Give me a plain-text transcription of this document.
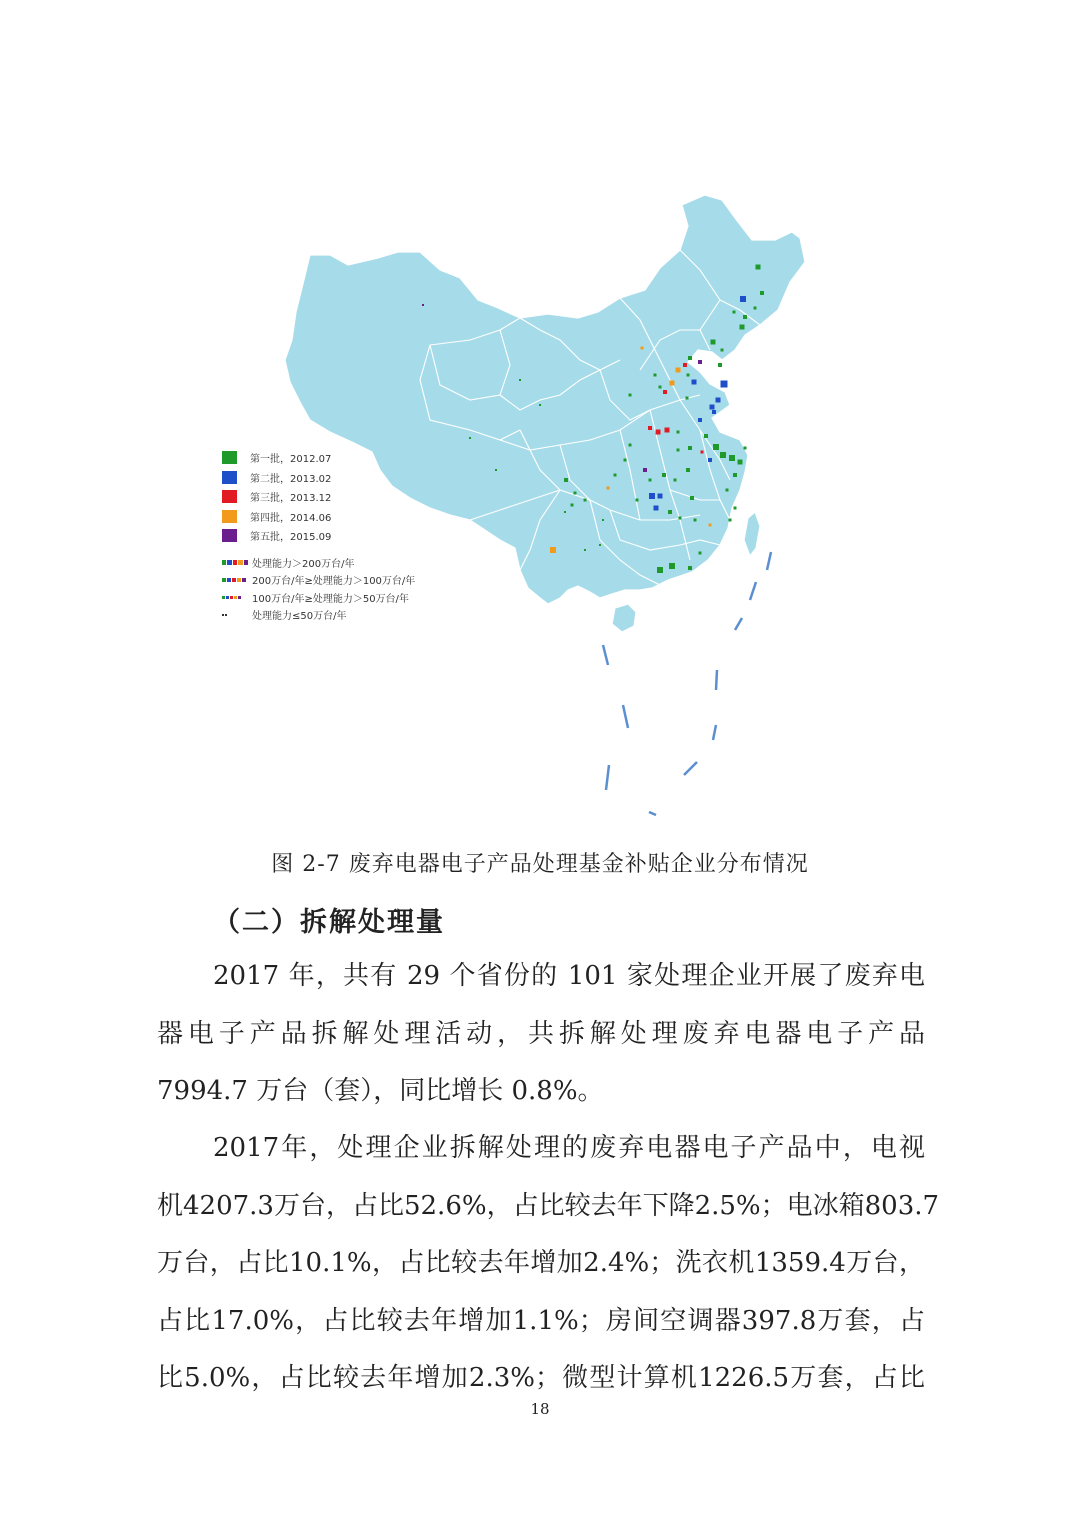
第一批，2012.07
第二批，2013.02
第三批，2013.12
第四批，2014.06
第五批，2015.09
处理能力＞200万台/年
200万台/年≥处理能力＞100万台/年
100万台/年≥处理能力＞50万台/年
处理能力≤50万台/年
图 2-7 废弃电器电子产品处理基金补贴企业分布情况
（二）拆解处理量
2017 年，共有 29 个省份的 101 家处理企业开展了废弃电
器电子产品拆解处理活动，共拆解处理废弃电器电子产品
7994.7 万台（套），同比增长 0.8%。
2017年，处理企业拆解处理的废弃电器电子产品中，电视
机4207.3万台，占比52.6%，占比较去年下降2.5%；电冰箱803.7
万台，占比10.1%，占比较去年增加2.4%；洗衣机1359.4万台，
占比17.0%，占比较去年增加1.1%；房间空调器397.8万套，占
比5.0%，占比较去年增加2.3%；微型计算机1226.5万套，占比
18
